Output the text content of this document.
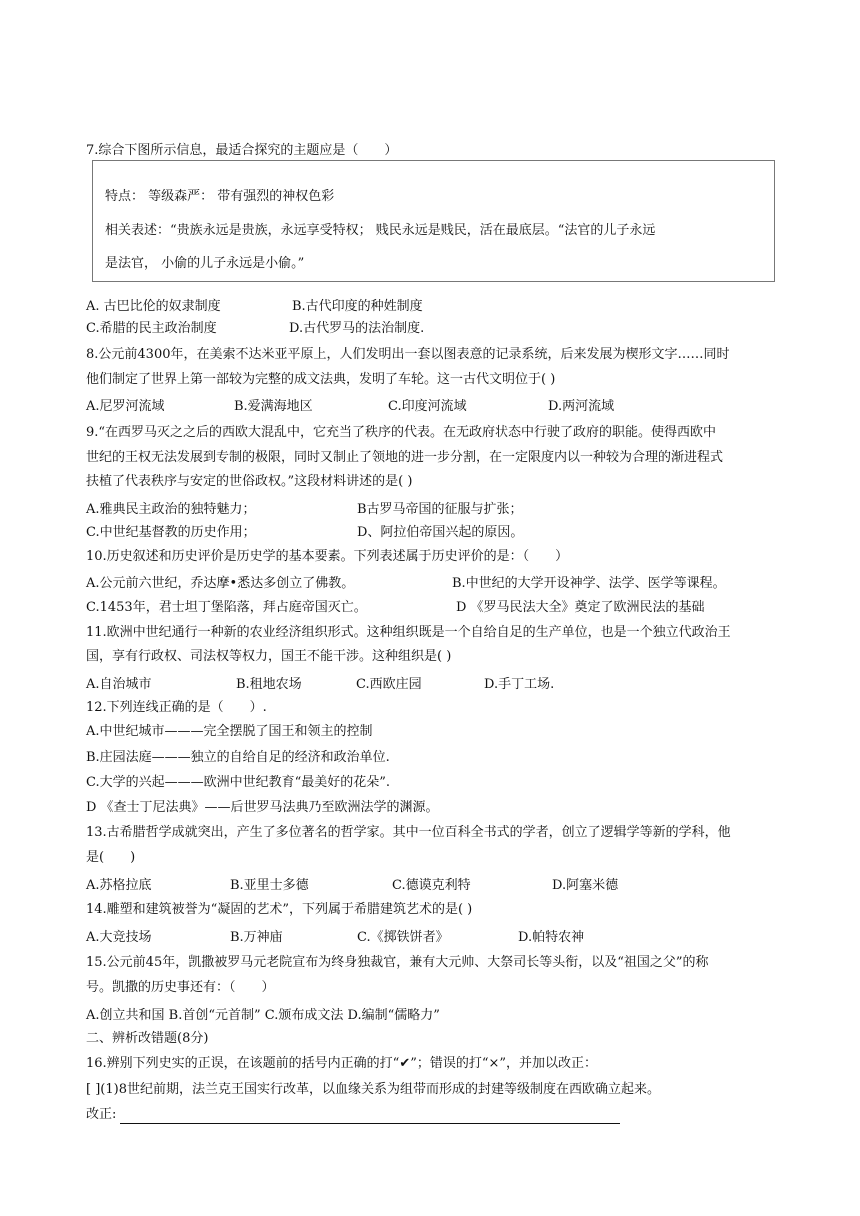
7.综合下图所示信息，最适合探究的主题应是（　　）
特点： 等级森严： 带有强烈的神权色彩
相关表述：“贵族永远是贵族，永远享受特权； 贱民永远是贱民，活在最底层。“法官的儿子永远
是法官， 小偷的儿子永远是小偷。”
A. 古巴比伦的奴隶制度	B.古代印度的种姓制度
C.希腊的民主政治制度	D.古代罗马的法治制度.
8.公元前4300年，在美索不达米亚平原上，人们发明出一套以图表意的记录系统，后来发展为楔形文字……同时
他们制定了世界上第一部较为完整的成文法典，发明了车轮。这一古代文明位于( )
A.尼罗河流域	B.爱满海地区	C.印度河流域	D.两河流域
9.“在西罗马灭之之后的西欧大混乱中，它充当了秩序的代表。在无政府状态中行驶了政府的职能。使得西欧中
世纪的王权无法发展到专制的极限，同时又制止了领地的进一步分割，在一定限度内以一种较为合理的渐进程式
扶植了代表秩序与安定的世俗政权。”这段材料讲述的是( )
A.雅典民主政治的独特魅力；	B古罗马帝国的征服与扩张；
C.中世纪基督教的历史作用；	D、阿拉伯帝国兴起的原因。
10.历史叙述和历史评价是历史学的基本要素。下列表述属于历史评价的是：（　　）
A.公元前六世纪，乔达摩•悉达多创立了佛教。	B.中世纪的大学开设神学、法学、医学等课程。
C.1453年，君士坦丁堡陷落，拜占庭帝国灭亡。	D 《罗马民法大全》奠定了欧洲民法的基础
11.欧洲中世纪通行一种新的农业经济组织形式。这种组织既是一个自给自足的生产单位，也是一个独立代政治王
国，享有行政权、司法权等权力，国王不能干涉。这种组织是( )
A.自治城市	B.租地农场	C.西欧庄园	D.手丁工场.
12.下列连线正确的是（　　）.
A.中世纪城市———完全摆脱了国王和领主的控制
B.庄园法庭———独立的自给自足的经济和政治单位.
C.大学的兴起———欧洲中世纪教育“最美好的花朵”.
D 《查士丁尼法典》——后世罗马法典乃至欧洲法学的渊源。
13.古希腊哲学成就突出，产生了多位著名的哲学家。其中一位百科全书式的学者，创立了逻辑学等新的学科，他
是(　　)
A.苏格拉底	B.亚里士多德	C.德谟克利特	D.阿塞米德
14.雕塑和建筑被誉为“凝固的艺术”，下列属于希腊建筑艺术的是( )
A.大竞技场	B.万神庙	C.《掷铁饼者》	D.帕特农神
15.公元前45年，凯撒被罗马元老院宣布为终身独裁官，兼有大元帅、大祭司长等头衔，以及“祖国之父”的称
号。凯撒的历史事还有：（　　）
A.创立共和国 B.首创“元首制” C.颁布成文法 D.编制“儒略力”
二、辨析改错题(8分)
16.辨别下列史实的正误，在该题前的括号内正确的打“✔”；错误的打“×”，并加以改正：
[ ](1)8世纪前期，法兰克王国实行改革，以血缘关系为组带而形成的封建等级制度在西欧确立起来。
改正:
